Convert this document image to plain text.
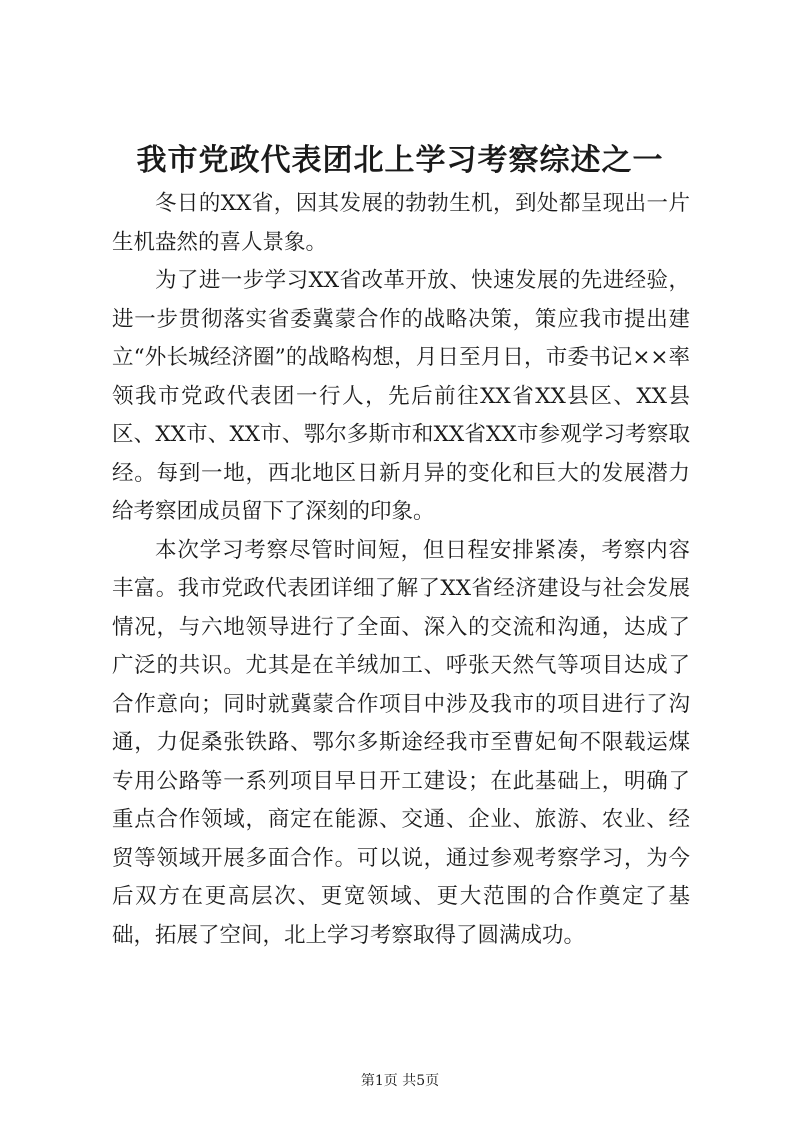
我市党政代表团北上学习考察综述之一

冬日的XX省，因其发展的勃勃生机，到处都呈现出一片生机盎然的喜人景象。

为了进一步学习XX省改革开放、快速发展的先进经验，进一步贯彻落实省委冀蒙合作的战略决策，策应我市提出建立“外长城经济圈”的战略构想，月日至月日，市委书记××率领我市党政代表团一行人，先后前往XX省XX县区、XX县区、XX市、XX市、鄂尔多斯市和XX省XX市参观学习考察取经。每到一地，西北地区日新月异的变化和巨大的发展潜力给考察团成员留下了深刻的印象。

本次学习考察尽管时间短，但日程安排紧凑，考察内容丰富。我市党政代表团详细了解了XX省经济建设与社会发展情况，与六地领导进行了全面、深入的交流和沟通，达成了广泛的共识。尤其是在羊绒加工、呼张天然气等项目达成了合作意向；同时就冀蒙合作项目中涉及我市的项目进行了沟通，力促桑张铁路、鄂尔多斯途经我市至曹妃甸不限载运煤专用公路等一系列项目早日开工建设；在此基础上，明确了重点合作领域，商定在能源、交通、企业、旅游、农业、经贸等领域开展多面合作。可以说，通过参观考察学习，为今后双方在更高层次、更宽领域、更大范围的合作奠定了基础，拓展了空间，北上学习考察取得了圆满成功。

第1页 共5页
